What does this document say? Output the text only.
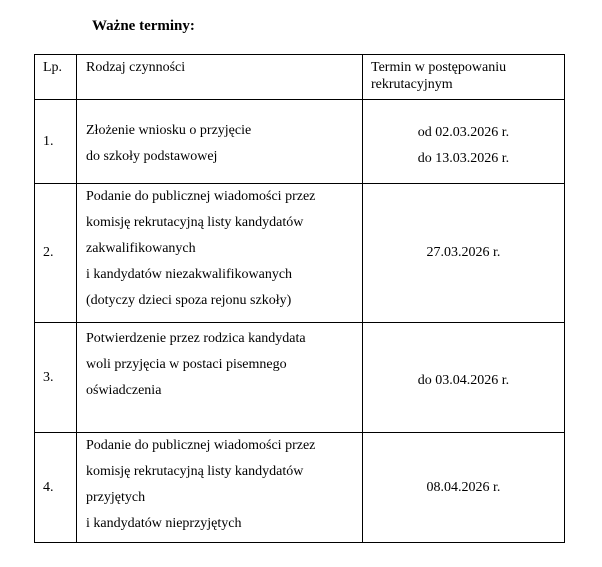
Ważne terminy:
Lp.	Rodzaj czynności	Termin w postępowaniu rekrutacyjnym
1.	Złożenie wniosku o przyjęcie
do szkoły podstawowej	od 02.03.2026 r.
do 13.03.2026 r.

2.	Podanie do publicznej wiadomości przez
komisję rekrutacyjną listy kandydatów
zakwalifikowanych
i kandydatów niezakwalifikowanych
(dotyczy dzieci spoza rejonu szkoły)	27.03.2026 r.

3.	Potwierdzenie przez rodzica kandydata
woli przyjęcia w postaci pisemnego
oświadczenia	do 03.04.2026 r.

4.	Podanie do publicznej wiadomości przez
komisję rekrutacyjną listy kandydatów
przyjętych
i kandydatów nieprzyjętych	08.04.2026 r.
